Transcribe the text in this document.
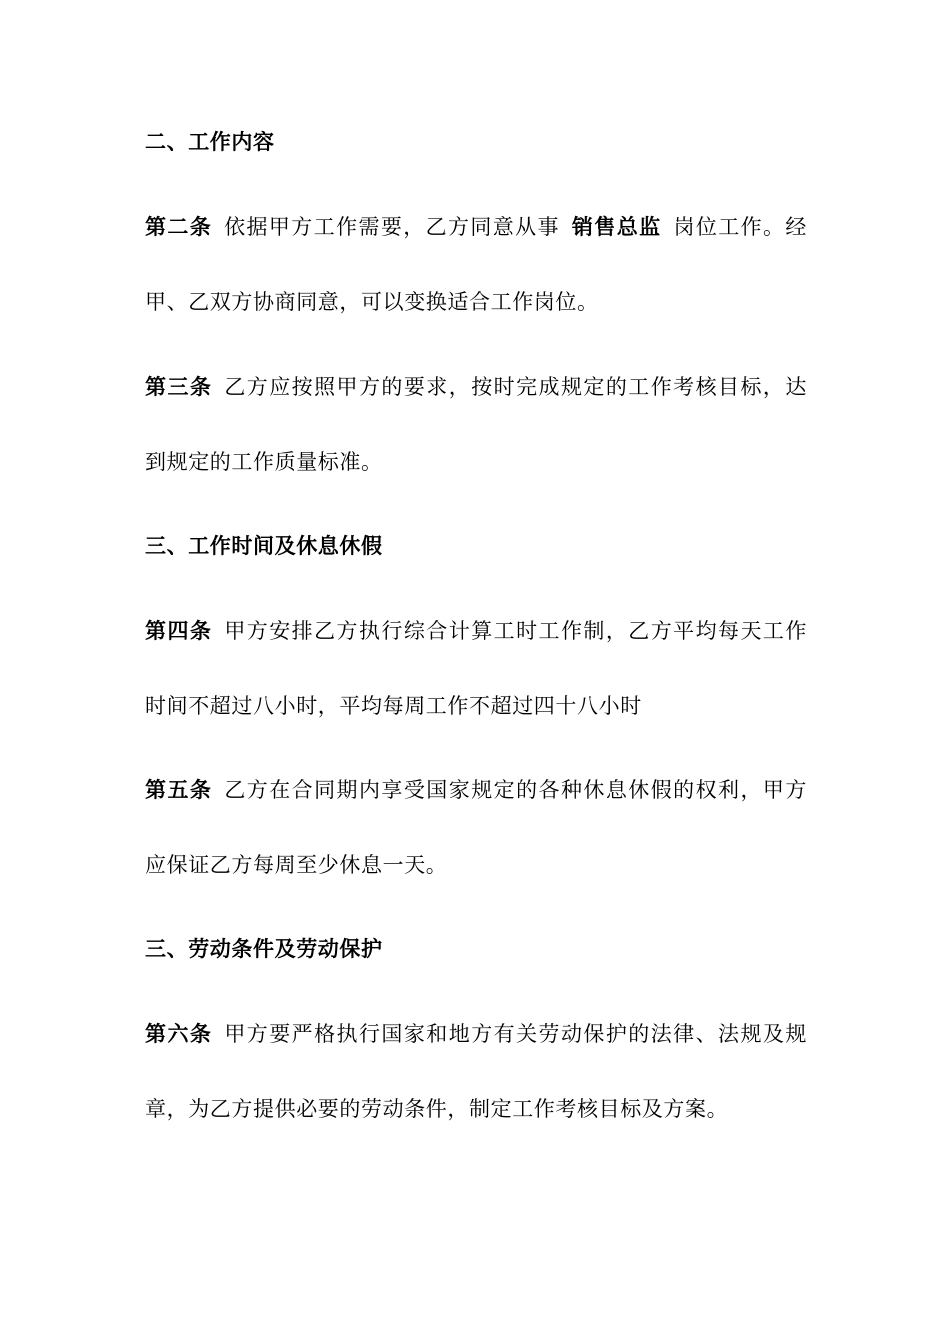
二、工作内容
第二条 依据甲方工作需要，乙方同意从事 销售总监 岗位工作。经
甲、乙双方协商同意，可以变换适合工作岗位。
第三条 乙方应按照甲方的要求，按时完成规定的工作考核目标，达
到规定的工作质量标准。
三、工作时间及休息休假
第四条 甲方安排乙方执行综合计算工时工作制，乙方平均每天工作
时间不超过八小时，平均每周工作不超过四十八小时
第五条 乙方在合同期内享受国家规定的各种休息休假的权利，甲方
应保证乙方每周至少休息一天。
三、劳动条件及劳动保护
第六条 甲方要严格执行国家和地方有关劳动保护的法律、法规及规
章，为乙方提供必要的劳动条件，制定工作考核目标及方案。
